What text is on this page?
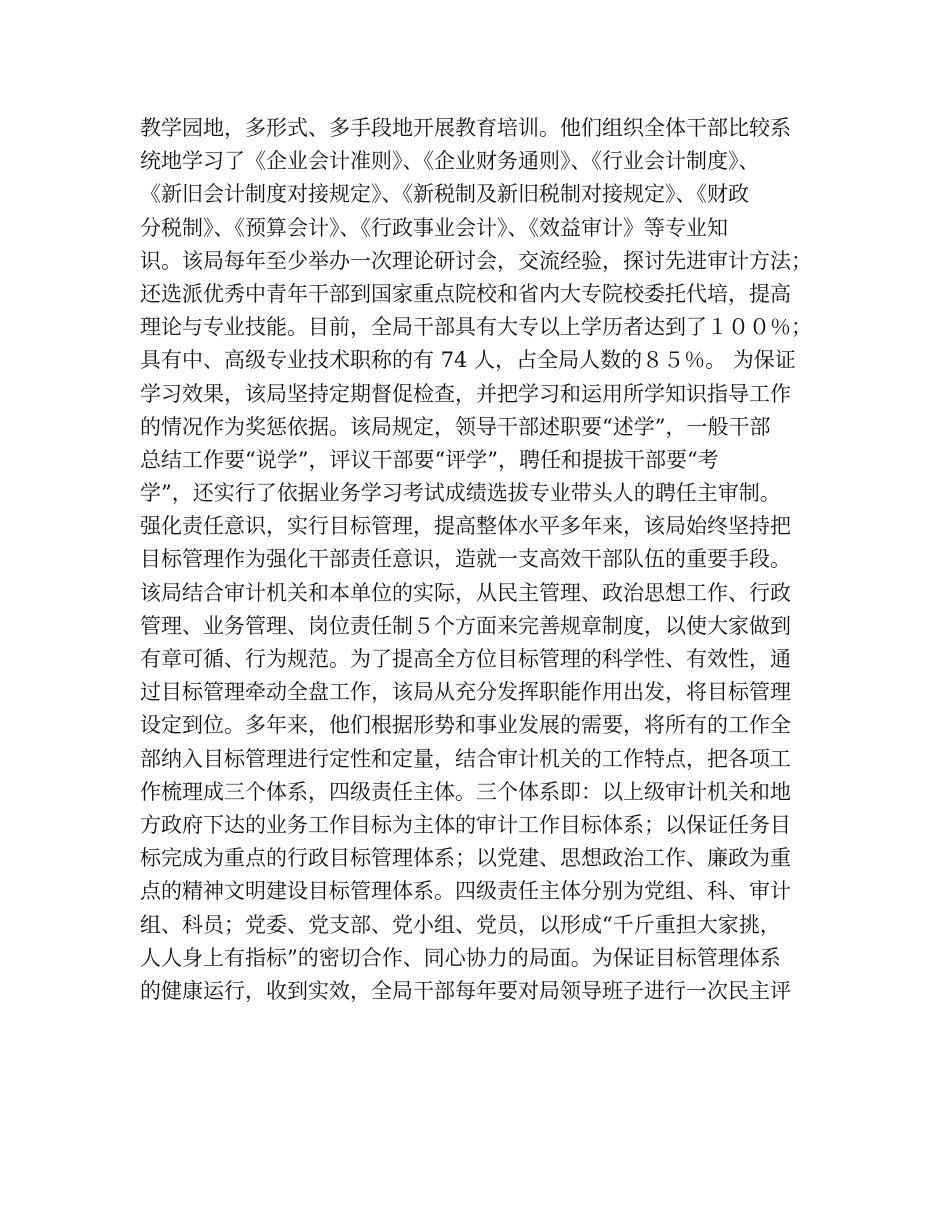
教学园地，多形式、多手段地开展教育培训。他们组织全体干部比较系
统地学习了《企业会计准则》、《企业财务通则》、《行业会计制度》、
《新旧会计制度对接规定》、《新税制及新旧税制对接规定》、《财政
分税制》、《预算会计》、《行政事业会计》、《效益审计》等专业知
识。该局每年至少举办一次理论研讨会，交流经验，探讨先进审计方法；
还选派优秀中青年干部到国家重点院校和省内大专院校委托代培，提高
理论与专业技能。目前，全局干部具有大专以上学历者达到了１００％；
具有中、高级专业技术职称的有 74 人，占全局人数的８５％。 为保证
学习效果，该局坚持定期督促检查，并把学习和运用所学知识指导工作
的情况作为奖惩依据。该局规定，领导干部述职要“述学”，一般干部
总结工作要“说学”，评议干部要“评学”，聘任和提拔干部要“考
学”，还实行了依据业务学习考试成绩选拔专业带头人的聘任主审制。
强化责任意识，实行目标管理，提高整体水平多年来，该局始终坚持把
目标管理作为强化干部责任意识，造就一支高效干部队伍的重要手段。
该局结合审计机关和本单位的实际，从民主管理、政治思想工作、行政
管理、业务管理、岗位责任制５个方面来完善规章制度，以使大家做到
有章可循、行为规范。为了提高全方位目标管理的科学性、有效性，通
过目标管理牵动全盘工作，该局从充分发挥职能作用出发，将目标管理
设定到位。多年来，他们根据形势和事业发展的需要，将所有的工作全
部纳入目标管理进行定性和定量，结合审计机关的工作特点，把各项工
作梳理成三个体系，四级责任主体。三个体系即：以上级审计机关和地
方政府下达的业务工作目标为主体的审计工作目标体系；以保证任务目
标完成为重点的行政目标管理体系；以党建、思想政治工作、廉政为重
点的精神文明建设目标管理体系。四级责任主体分别为党组、科、审计
组、科员；党委、党支部、党小组、党员，以形成“千斤重担大家挑，
人人身上有指标”的密切合作、同心协力的局面。为保证目标管理体系
的健康运行，收到实效，全局干部每年要对局领导班子进行一次民主评
